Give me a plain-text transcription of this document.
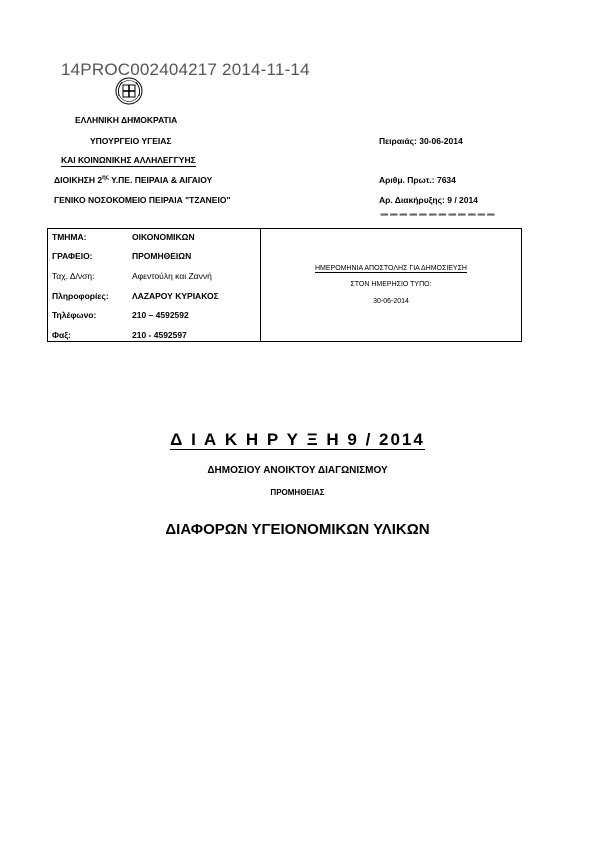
14PROC002404217 2014-11-14
ΕΛΛΗΝΙΚΗ ΔΗΜΟΚΡΑΤΙΑ
ΥΠΟΥΡΓΕΙΟ ΥΓΕΙΑΣ
ΚΑΙ ΚΟΙΝΩΝΙΚΗΣ ΑΛΛΗΛΕΓΓΥΗΣ
ΔΙΟΙΚΗΣΗ $2^{\eta\varsigma}$ Υ.ΠΕ. ΠΕΙΡΑΙΑ & ΑΙΓΑΙΟΥ
ΓΕΝΙΚΟ ΝΟΣΟΚΟΜΕΙΟ ΠΕΙΡΑΙΑ "ΤΖΑΝΕΙΟ"
Πειραιάς: 30-06-2014
Αριθμ. Πρωτ.: 7634
Αρ. Διακήρυξης: 9 / 2014
➖➖➖➖➖➖➖➖➖➖➖➖
ΤΜΗΜΑ:	ΟΙΚΟΝΟΜΙΚΩΝ
ΓΡΑΦΕΙΟ:	ΠΡΟΜΗΘΕΙΩΝ
Ταχ. Δ/νση:	Αφεντούλη και Ζαννή
Πληροφορίες:	ΛΑΖΑΡΟΥ ΚΥΡΙΑΚΟΣ
Τηλέφωνο:	210 – 4592592
Φαξ:	210 - 4592597
ΗΜΕΡΟΜΗΝΙΑ ΑΠΟΣΤΟΛΗΣ ΓΙΑ ΔΗΜΟΣΙΕΥΣΗ
ΣΤΟΝ ΗΜΕΡΗΣΙΟ ΤΥΠΟ:
30-06-2014
Δ Ι Α Κ Η Ρ Υ Ξ Η 9 / 2014
ΔΗΜΟΣΙΟΥ ΑΝΟΙΚΤΟΥ ΔΙΑΓΩΝΙΣΜΟΥ
ΠΡΟΜΗΘΕΙΑΣ
ΔΙΑΦΟΡΩΝ ΥΓΕΙΟΝΟΜΙΚΩΝ ΥΛΙΚΩΝ
